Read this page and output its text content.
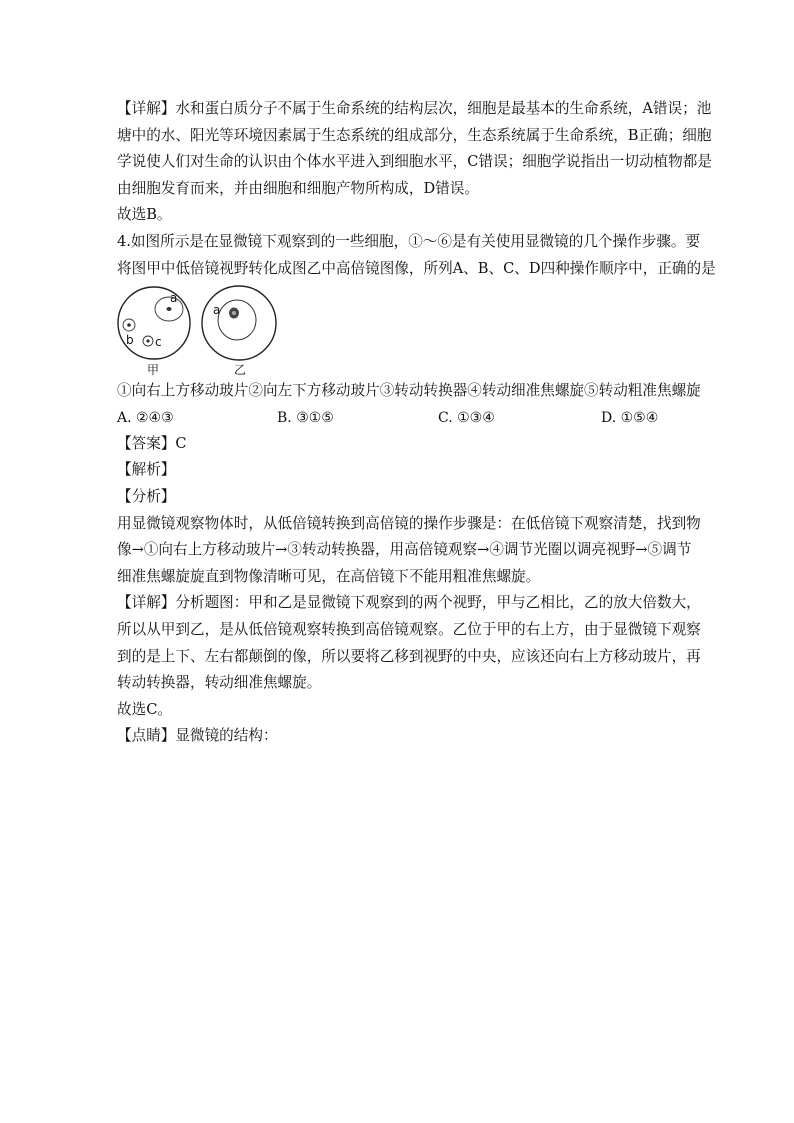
【详解】水和蛋白质分子不属于生命系统的结构层次，细胞是最基本的生命系统，A错误；池
塘中的水、阳光等环境因素属于生态系统的组成部分，生态系统属于生命系统，B正确；细胞
学说使人们对生命的认识由个体水平进入到细胞水平，C错误；细胞学说指出一切动植物都是
由细胞发育而来，并由细胞和细胞产物所构成，D错误。
故选B。
4.如图所示是在显微镜下观察到的一些细胞，①～⑥是有关使用显微镜的几个操作步骤。要
将图甲中低倍镜视野转化成图乙中高倍镜图像，所列A、B、C、D四种操作顺序中，正确的是
a
b c
甲
a
乙
①向右上方移动玻片②向左下方移动玻片③转动转换器④转动细准焦螺旋⑤转动粗准焦螺旋
A. ②④③	B. ③①⑤	C. ①③④	D. ①⑤④
【答案】C
【解析】
【分析】
用显微镜观察物体时，从低倍镜转换到高倍镜的操作步骤是：在低倍镜下观察清楚，找到物
像→①向右上方移动玻片→③转动转换器，用高倍镜观察→④调节光圈以调亮视野→⑤调节
细准焦螺旋旋直到物像清晰可见，在高倍镜下不能用粗准焦螺旋。
【详解】分析题图：甲和乙是显微镜下观察到的两个视野，甲与乙相比，乙的放大倍数大，
所以从甲到乙，是从低倍镜观察转换到高倍镜观察。乙位于甲的右上方，由于显微镜下观察
到的是上下、左右都颠倒的像，所以要将乙移到视野的中央，应该还向右上方移动玻片，再
转动转换器，转动细准焦螺旋。
故选C。
【点睛】显微镜的结构：
